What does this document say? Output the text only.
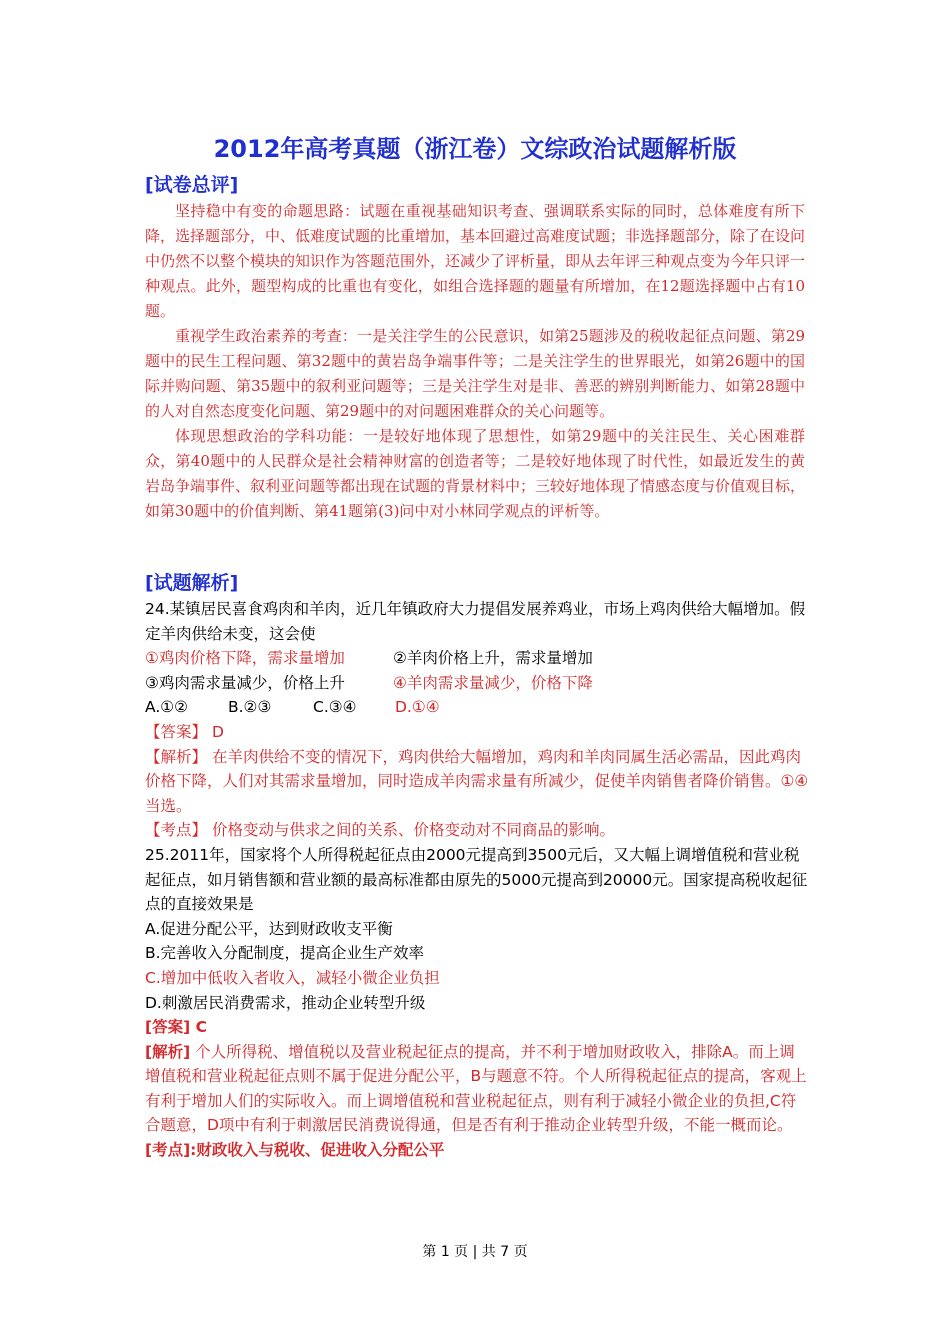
2012年高考真题（浙江卷）文综政治试题解析版
[试卷总评]

坚持稳中有变的命题思路：试题在重视基础知识考查、强调联系实际的同时，总体难度有所下降，选择题部分，中、低难度试题的比重增加，基本回避过高难度试题；非选择题部分，除了在设问中仍然不以整个模块的知识作为答题范围外，还减少了评析量，即从去年评三种观点变为今年只评一种观点。此外，题型构成的比重也有变化，如组合选择题的题量有所增加，在12题选择题中占有10题。

重视学生政治素养的考查：一是关注学生的公民意识，如第25题涉及的税收起征点问题、第29题中的民生工程问题、第32题中的黄岩岛争端事件等；二是关注学生的世界眼光，如第26题中的国际并购问题、第35题中的叙利亚问题等；三是关注学生对是非、善恶的辨别判断能力、如第28题中的人对自然态度变化问题、第29题中的对问题困难群众的关心问题等。

体现思想政治的学科功能：一是较好地体现了思想性，如第29题中的关注民生、关心困难群众，第40题中的人民群众是社会精神财富的创造者等；二是较好地体现了时代性，如最近发生的黄岩岛争端事件、叙利亚问题等都出现在试题的背景材料中；三较好地体现了情感态度与价值观目标，如第30题中的价值判断、第41题第(3)问中对小林同学观点的评析等。

[试题解析]

24.某镇居民喜食鸡肉和羊肉，近几年镇政府大力提倡发展养鸡业，市场上鸡肉供给大幅增加。假定羊肉供给未变，这会使

①鸡肉价格下降，需求量增加	②羊肉价格上升，需求量增加
③鸡肉需求量减少，价格上升	④羊肉需求量减少，价格下降
A.①②	B.②③	C.③④	D.①④

【答案】 D

【解析】 在羊肉供给不变的情况下，鸡肉供给大幅增加，鸡肉和羊肉同属生活必需品，因此鸡肉价格下降，人们对其需求量增加，同时造成羊肉需求量有所减少，促使羊肉销售者降价销售。①④当选。

【考点】 价格变动与供求之间的关系、价格变动对不同商品的影响。

25.2011年，国家将个人所得税起征点由2000元提高到3500元后，又大幅上调增值税和营业税起征点，如月销售额和营业额的最高标准都由原先的5000元提高到20000元。国家提高税收起征点的直接效果是

A.促进分配公平，达到财政收支平衡

B.完善收入分配制度，提高企业生产效率

C.增加中低收入者收入，减轻小微企业负担

D.刺激居民消费需求，推动企业转型升级

[答案] C

[解析] 个人所得税、增值税以及营业税起征点的提高，并不利于增加财政收入，排除A。而上调增值税和营业税起征点则不属于促进分配公平，B与题意不符。个人所得税起征点的提高，客观上有利于增加人们的实际收入。而上调增值税和营业税起征点，则有利于减轻小微企业的负担,C符合题意，D项中有利于刺激居民消费说得通，但是否有利于推动企业转型升级，不能一概而论。

[考点]:财政收入与税收、促进收入分配公平

第 1 页 | 共 7 页
